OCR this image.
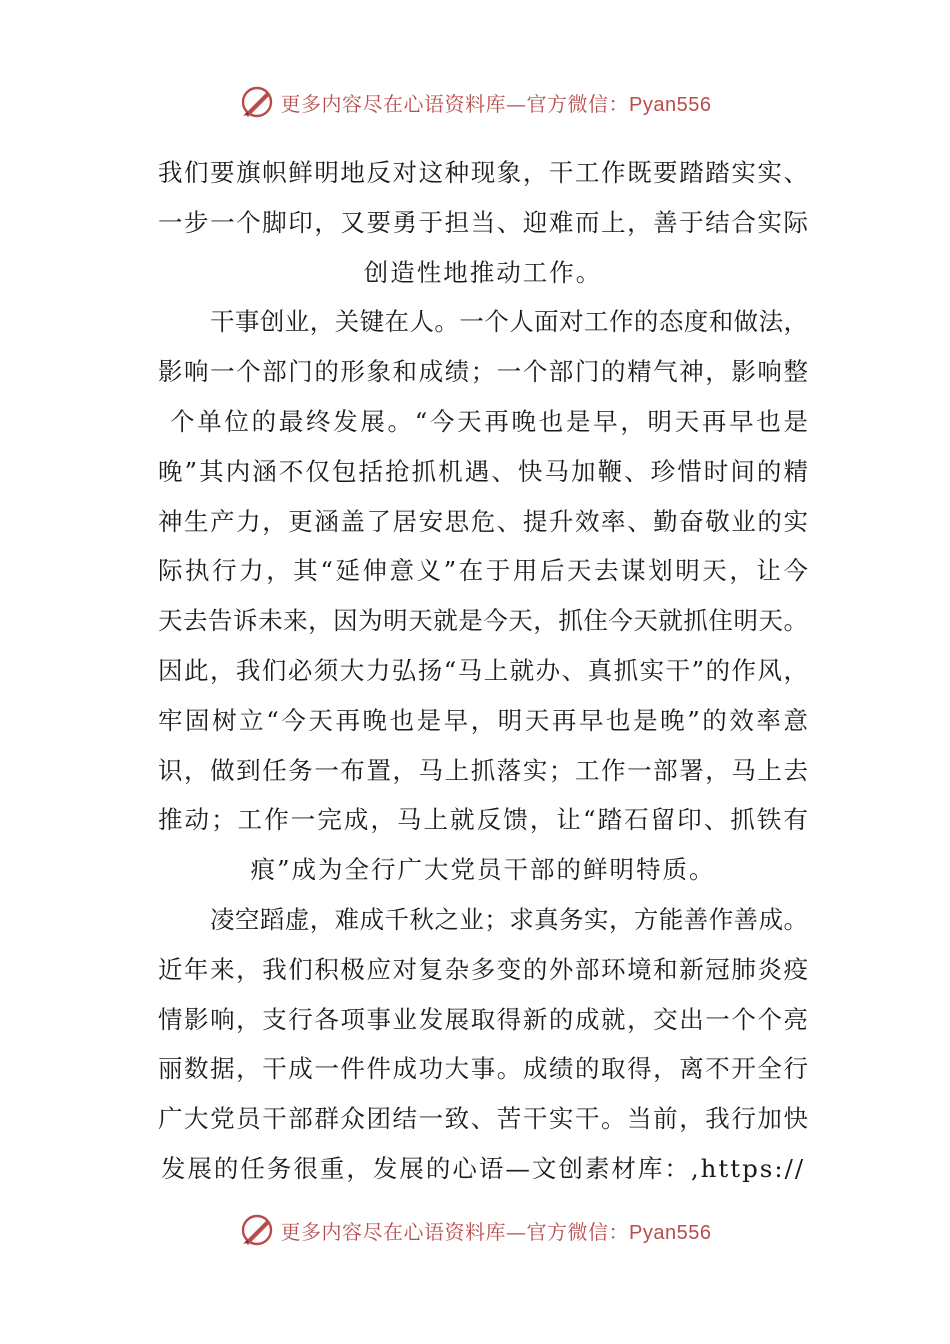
更多内容尽在心语资料库—官方微信：Pyan556
我们要旗帜鲜明地反对这种现象，干工作既要踏踏实实、
一步一个脚印，又要勇于担当、迎难而上，善于结合实际
创造性地推动工作。
干事创业，关键在人。一个人面对工作的态度和做法，
影响一个部门的形象和成绩；一个部门的精气神，影响整
个单位的最终发展。“今天再晚也是早，明天再早也是
晚”其内涵不仅包括抢抓机遇、快马加鞭、珍惜时间的精
神生产力，更涵盖了居安思危、提升效率、勤奋敬业的实
际执行力，其“延伸意义”在于用后天去谋划明天，让今
天去告诉未来，因为明天就是今天，抓住今天就抓住明天。
因此，我们必须大力弘扬“马上就办、真抓实干”的作风，
牢固树立“今天再晚也是早，明天再早也是晚”的效率意
识，做到任务一布置，马上抓落实；工作一部署，马上去
推动；工作一完成，马上就反馈，让“踏石留印、抓铁有
痕”成为全行广大党员干部的鲜明特质。
凌空蹈虚，难成千秋之业；求真务实，方能善作善成。
近年来，我们积极应对复杂多变的外部环境和新冠肺炎疫
情影响，支行各项事业发展取得新的成就，交出一个个亮
丽数据，干成一件件成功大事。成绩的取得，离不开全行
广大党员干部群众团结一致、苦干实干。当前，我行加快
发展的任务很重，发展的心语—文创素材库：,https://
更多内容尽在心语资料库—官方微信：Pyan556
